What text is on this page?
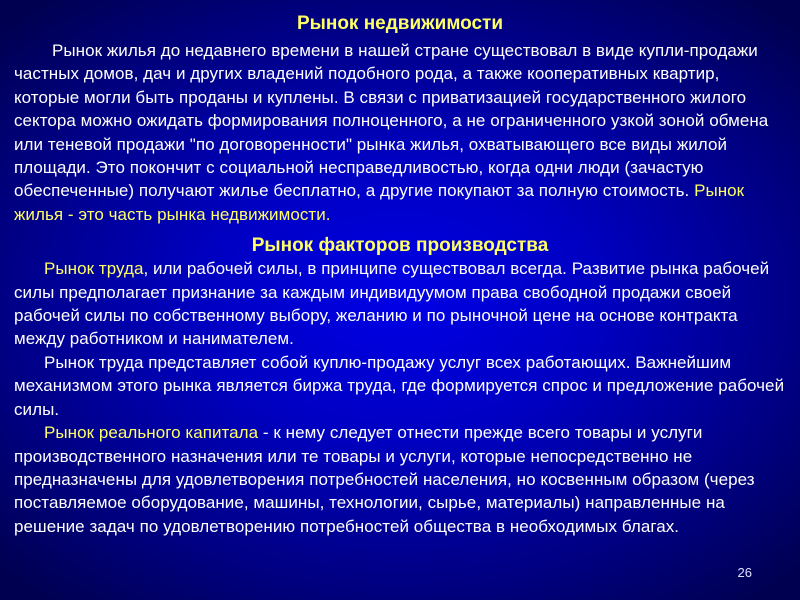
Рынок недвижимости

Рынок жилья до недавнего времени в нашей стране существовал в виде купли-продажи частных домов, дач и других владений подобного рода, а также кооперативных квартир, которые могли быть проданы и куплены. В связи с приватизацией государственного жилого сектора можно ожидать формирования полноценного, а не ограниченного узкой зоной обмена или теневой продажи "по договоренности" рынка жилья, охватывающего все виды жилой площади. Это покончит с социальной несправедливостью, когда одни люди (зачастую обеспеченные) получают жилье бесплатно, а другие покупают за полную стоимость. Рынок жилья - это часть рынка недвижимости.

Рынок факторов производства

Рынок труда, или рабочей силы, в принципе существовал всегда. Развитие рынка рабочей силы предполагает признание за каждым индивидуумом права свободной продажи своей рабочей силы по собственному выбору, желанию и по рыночной цене на основе контракта между работником и нанимателем.

Рынок труда представляет собой куплю-продажу услуг всех работающих. Важнейшим механизмом этого рынка является биржа труда, где формируется спрос и предложение рабочей силы.

Рынок реального капитала - к нему следует отнести прежде всего товары и услуги производственного назначения или те товары и услуги, которые непосредственно не предназначены для удовлетворения потребностей населения, но косвенным образом (через поставляемое оборудование, машины, технологии, сырье, материалы) направленные на решение задач по удовлетворению потребностей общества в необходимых благах.

26
